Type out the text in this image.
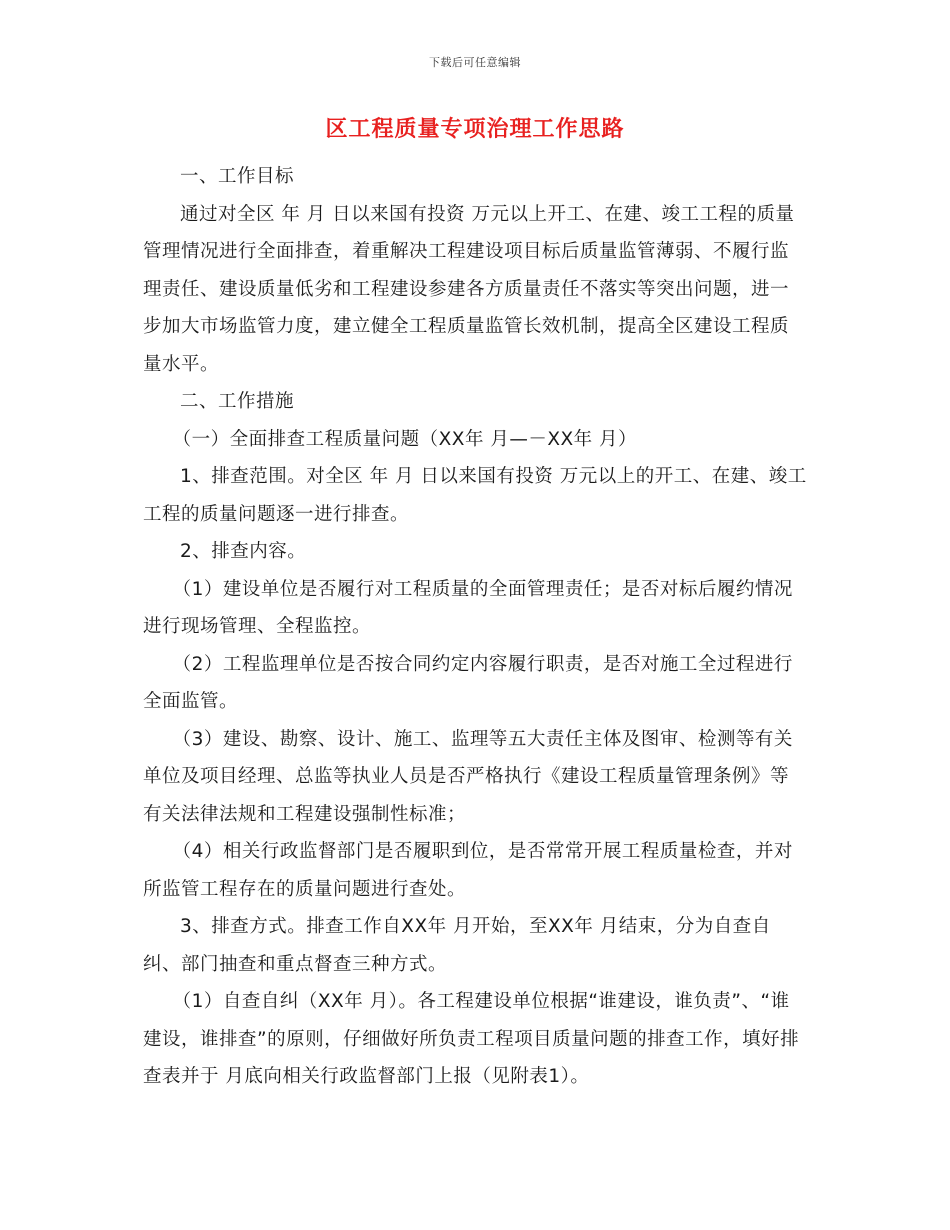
下载后可任意编辑
区工程质量专项治理工作思路

一、工作目标

通过对全区 年 月 日以来国有投资 万元以上开工、在建、竣工工程的质量管理情况进行全面排查，着重解决工程建设项目标后质量监管薄弱、不履行监理责任、建设质量低劣和工程建设参建各方质量责任不落实等突出问题，进一步加大市场监管力度，建立健全工程质量监管长效机制，提高全区建设工程质量水平。

二、工作措施

（一）全面排查工程质量问题（XX年 月—－XX年 月）

1、排查范围。对全区 年 月 日以来国有投资 万元以上的开工、在建、竣工工程的质量问题逐一进行排查。

2、排查内容。

（1）建设单位是否履行对工程质量的全面管理责任；是否对标后履约情况进行现场管理、全程监控。

（2）工程监理单位是否按合同约定内容履行职责，是否对施工全过程进行全面监管。

（3）建设、勘察、设计、施工、监理等五大责任主体及图审、检测等有关单位及项目经理、总监等执业人员是否严格执行《建设工程质量管理条例》等有关法律法规和工程建设强制性标准；

（4）相关行政监督部门是否履职到位，是否常常开展工程质量检查，并对所监管工程存在的质量问题进行查处。

3、排查方式。排查工作自XX年 月开始，至XX年 月结束，分为自查自纠、部门抽查和重点督查三种方式。

（1）自查自纠（XX年 月）。各工程建设单位根据“谁建设，谁负责”、“谁建设，谁排查”的原则，仔细做好所负责工程项目质量问题的排查工作，填好排查表并于 月底向相关行政监督部门上报（见附表1）。
